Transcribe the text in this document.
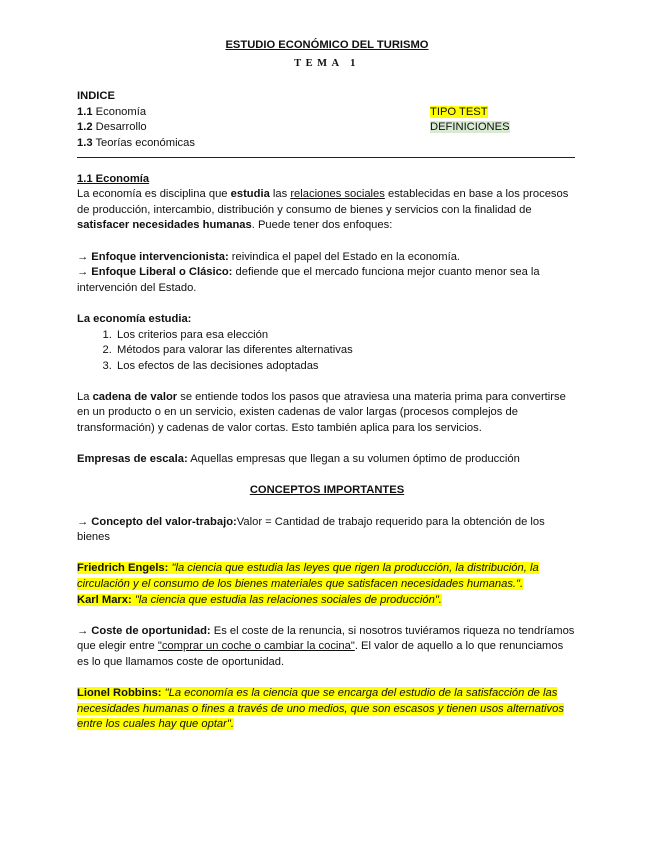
ESTUDIO ECONÓMICO DEL TURISMO

TEMA 1
INDICE
1.1 Economía
1.2 Desarrollo
1.3 Teorías económicas
TIPO TEST
DEFINICIONES

1.1 Economía

La economía es disciplina que estudia las relaciones sociales establecidas en base a los procesos de producción, intercambio, distribución y consumo de bienes y servicios con la finalidad de satisfacer necesidades humanas. Puede tener dos enfoques:

→ Enfoque intervencionista: reivindica el papel del Estado en la economía.

→ Enfoque Liberal o Clásico: defiende que el mercado funciona mejor cuanto menor sea la intervención del Estado.

La economía estudia:

1. Los criterios para esa elección
2. Métodos para valorar las diferentes alternativas
3. Los efectos de las decisiones adoptadas

La cadena de valor se entiende todos los pasos que atraviesa una materia prima para convertirse en un producto o en un servicio, existen cadenas de valor largas (procesos complejos de transformación) y cadenas de valor cortas. Esto también aplica para los servicios.

Empresas de escala: Aquellas empresas que llegan a su volumen óptimo de producción

CONCEPTOS IMPORTANTES

→ Concepto del valor-trabajo:Valor = Cantidad de trabajo requerido para la obtención de los bienes

Friedrich Engels: "la ciencia que estudia las leyes que rigen la producción, la distribución, la circulación y el consumo de los bienes materiales que satisfacen necesidades humanas.".

Karl Marx: "la ciencia que estudia las relaciones sociales de producción".

→ Coste de oportunidad: Es el coste de la renuncia, si nosotros tuviéramos riqueza no tendríamos que elegir entre "comprar un coche o cambiar la cocina". El valor de aquello a lo que renunciamos es lo que llamamos coste de oportunidad.

Lionel Robbins: "La economía es la ciencia que se encarga del estudio de la satisfacción de las necesidades humanas o fines a través de uno medios, que son escasos y tienen usos alternativos entre los cuales hay que optar".
